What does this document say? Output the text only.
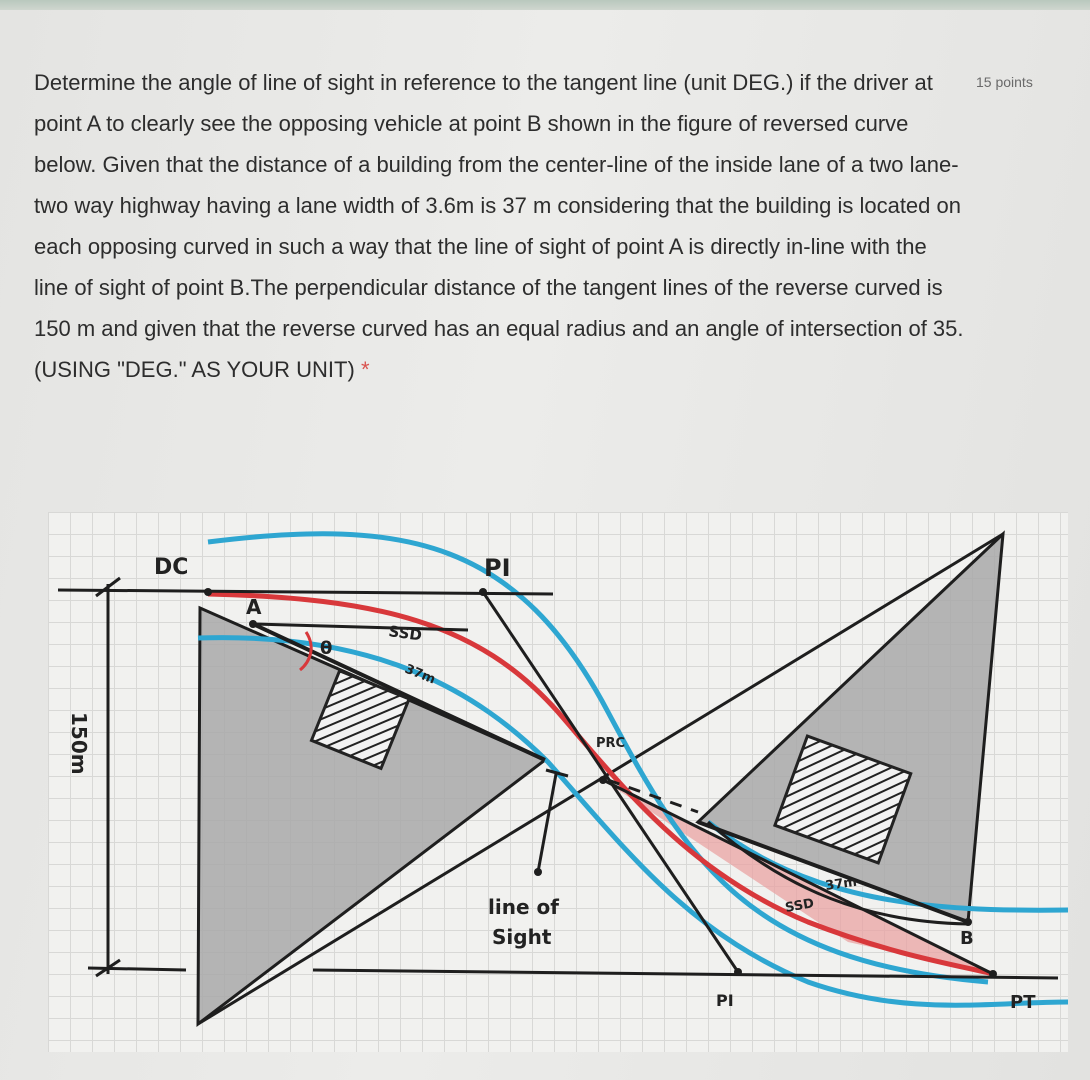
Determine the angle of line of sight in reference to the tangent line (unit DEG.) if the driver at point A to clearly see the opposing vehicle at point B shown in the figure of reversed curve below. Given that the distance of a building from the center-line of the inside lane of a two lane-two way highway having a lane width of 3.6m is 37 m considering that the building is located on each opposing curved in such a way that the line of sight of point A is directly in-line with the line of sight of point B.The perpendicular distance of the tangent lines of the reverse curved is 150 m and given that the reverse curved has an equal radius and an angle of intersection of 35. (USING "DEG." AS YOUR UNIT) *

15 points
DC	PI
A
θ
SSD
37m
PRC
line of
Sight
SSD
37m
B
PI	PT
150m
